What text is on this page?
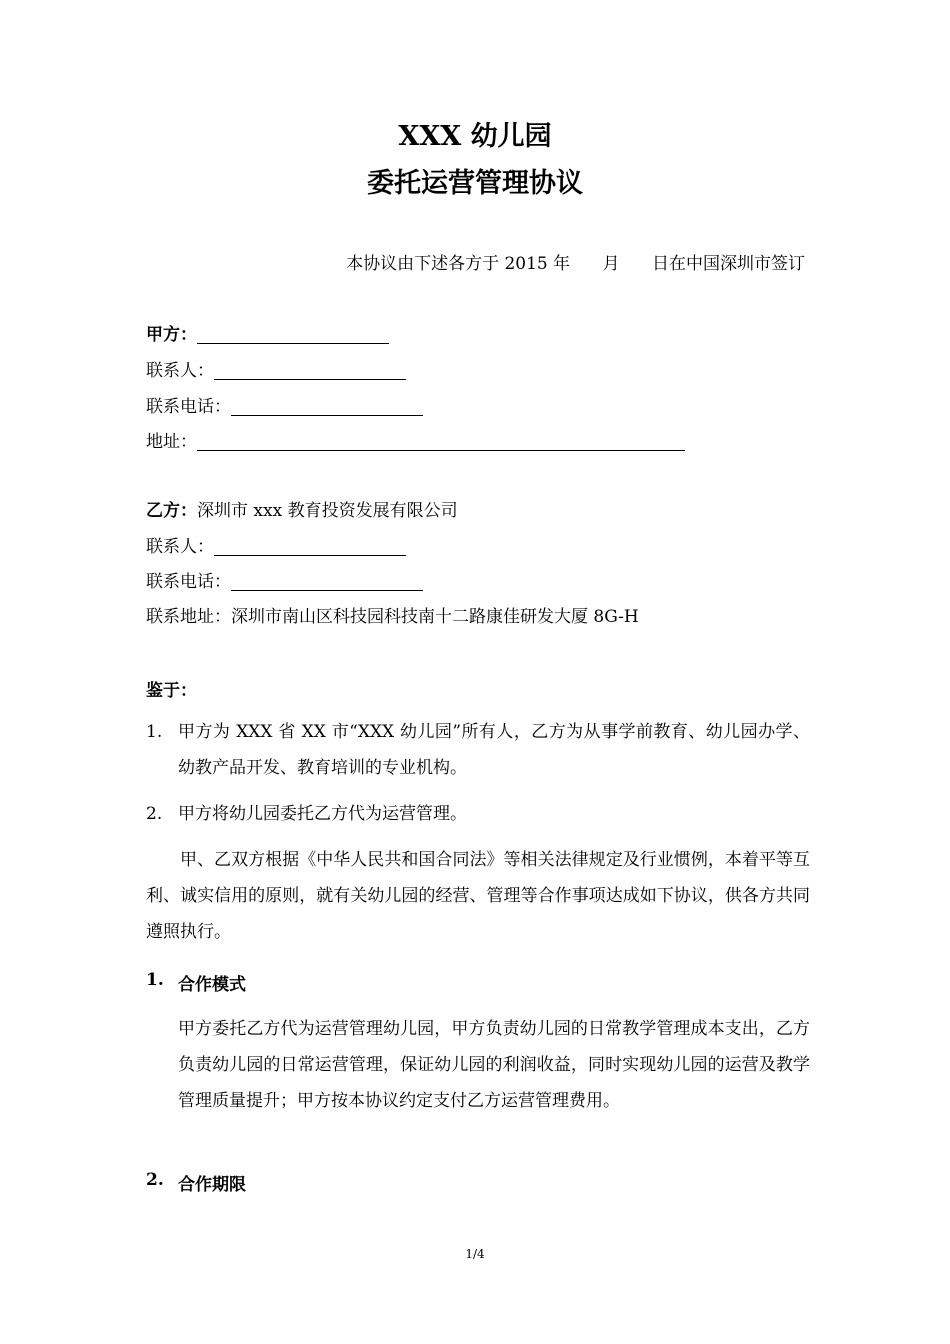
XXX 幼儿园
委托运营管理协议
本协议由下述各方于 2015 年      月      日在中国深圳市签订
甲方：
联系人：
联系电话：
地址：
乙方：深圳市 xxx 教育投资发展有限公司
联系人：
联系电话：
联系地址：深圳市南山区科技园科技南十二路康佳研发大厦 8G-H
鉴于：
1. 甲方为 XXX 省 XX 市“XXX 幼儿园”所有人，乙方为从事学前教育、幼儿园办学、幼教产品开发、教育培训的专业机构。
2. 甲方将幼儿园委托乙方代为运营管理。
甲、乙双方根据《中华人民共和国合同法》等相关法律规定及行业惯例，本着平等互利、诚实信用的原则，就有关幼儿园的经营、管理等合作事项达成如下协议，供各方共同遵照执行。
1. 合作模式
甲方委托乙方代为运营管理幼儿园，甲方负责幼儿园的日常教学管理成本支出，乙方负责幼儿园的日常运营管理，保证幼儿园的利润收益，同时实现幼儿园的运营及教学管理质量提升；甲方按本协议约定支付乙方运营管理费用。
2. 合作期限
1/4
